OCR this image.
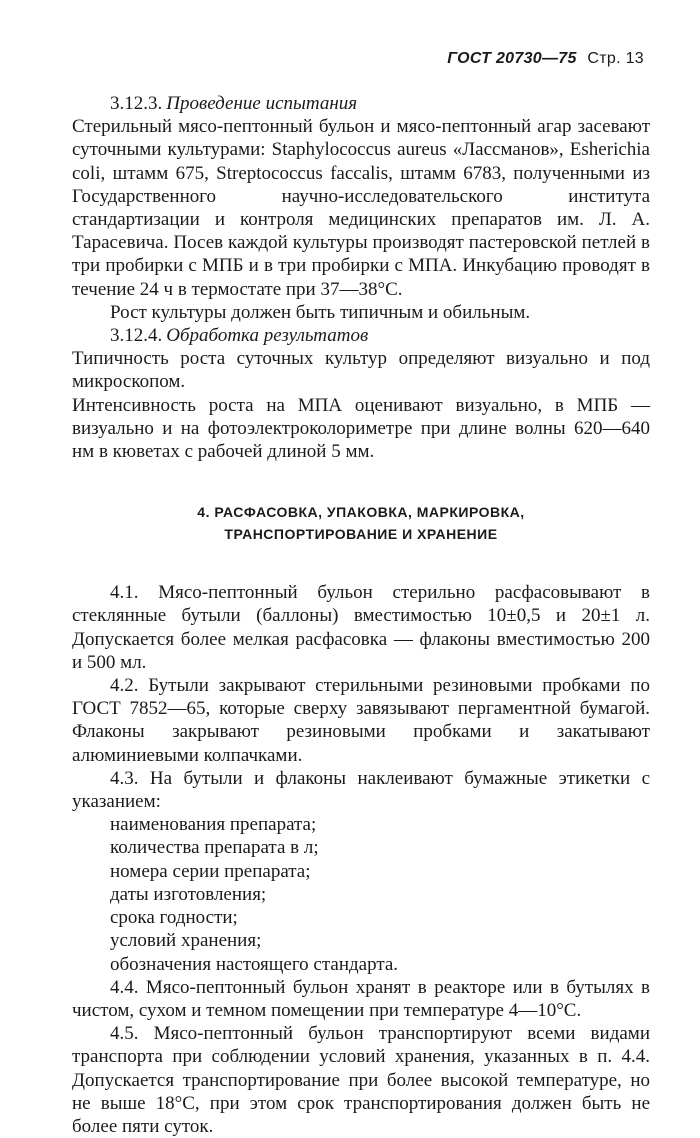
ГОСТ 20730—75 Стр. 13

3.12.3. Проведение испытания

Стерильный мясо-пептонный бульон и мясо-пептонный агар засевают суточными культурами: Staphylococcus aureus «Лассманов», Esherichia coli, штамм 675, Streptococcus faccalis, штамм 6783, полученными из Государственного научно-исследовательского института стандартизации и контроля медицинских препаратов им. Л. А. Тарасевича. Посев каждой культуры производят пастеровской петлей в три пробирки с МПБ и в три пробирки с МПА. Инкубацию проводят в течение 24 ч в термостате при 37—38°С.

Рост культуры должен быть типичным и обильным.

3.12.4. Обработка результатов

Типичность роста суточных культур определяют визуально и под микроскопом.

Интенсивность роста на МПА оценивают визуально, в МПБ — визуально и на фотоэлектроколориметре при длине волны 620—640 нм в кюветах с рабочей длиной 5 мм.

4. РАСФАСОВКА, УПАКОВКА, МАРКИРОВКА,
ТРАНСПОРТИРОВАНИЕ И ХРАНЕНИЕ

4.1. Мясо-пептонный бульон стерильно расфасовывают в стеклянные бутыли (баллоны) вместимостью 10±0,5 и 20±1 л. Допускается более мелкая расфасовка — флаконы вместимостью 200 и 500 мл.

4.2. Бутыли закрывают стерильными резиновыми пробками по ГОСТ 7852—65, которые сверху завязывают пергаментной бумагой. Флаконы закрывают резиновыми пробками и закатывают алюминиевыми колпачками.

4.3. На бутыли и флаконы наклеивают бумажные этикетки с указанием:

наименования препарата;
количества препарата в л;
номера серии препарата;
даты изготовления;
срока годности;
условий хранения;
обозначения настоящего стандарта.

4.4. Мясо-пептонный бульон хранят в реакторе или в бутылях в чистом, сухом и темном помещении при температуре 4—10°С.

4.5. Мясо-пептонный бульон транспортируют всеми видами транспорта при соблюдении условий хранения, указанных в п. 4.4. Допускается транспортирование при более высокой температуре, но не выше 18°С, при этом срок транспортирования должен быть не более пяти суток.
